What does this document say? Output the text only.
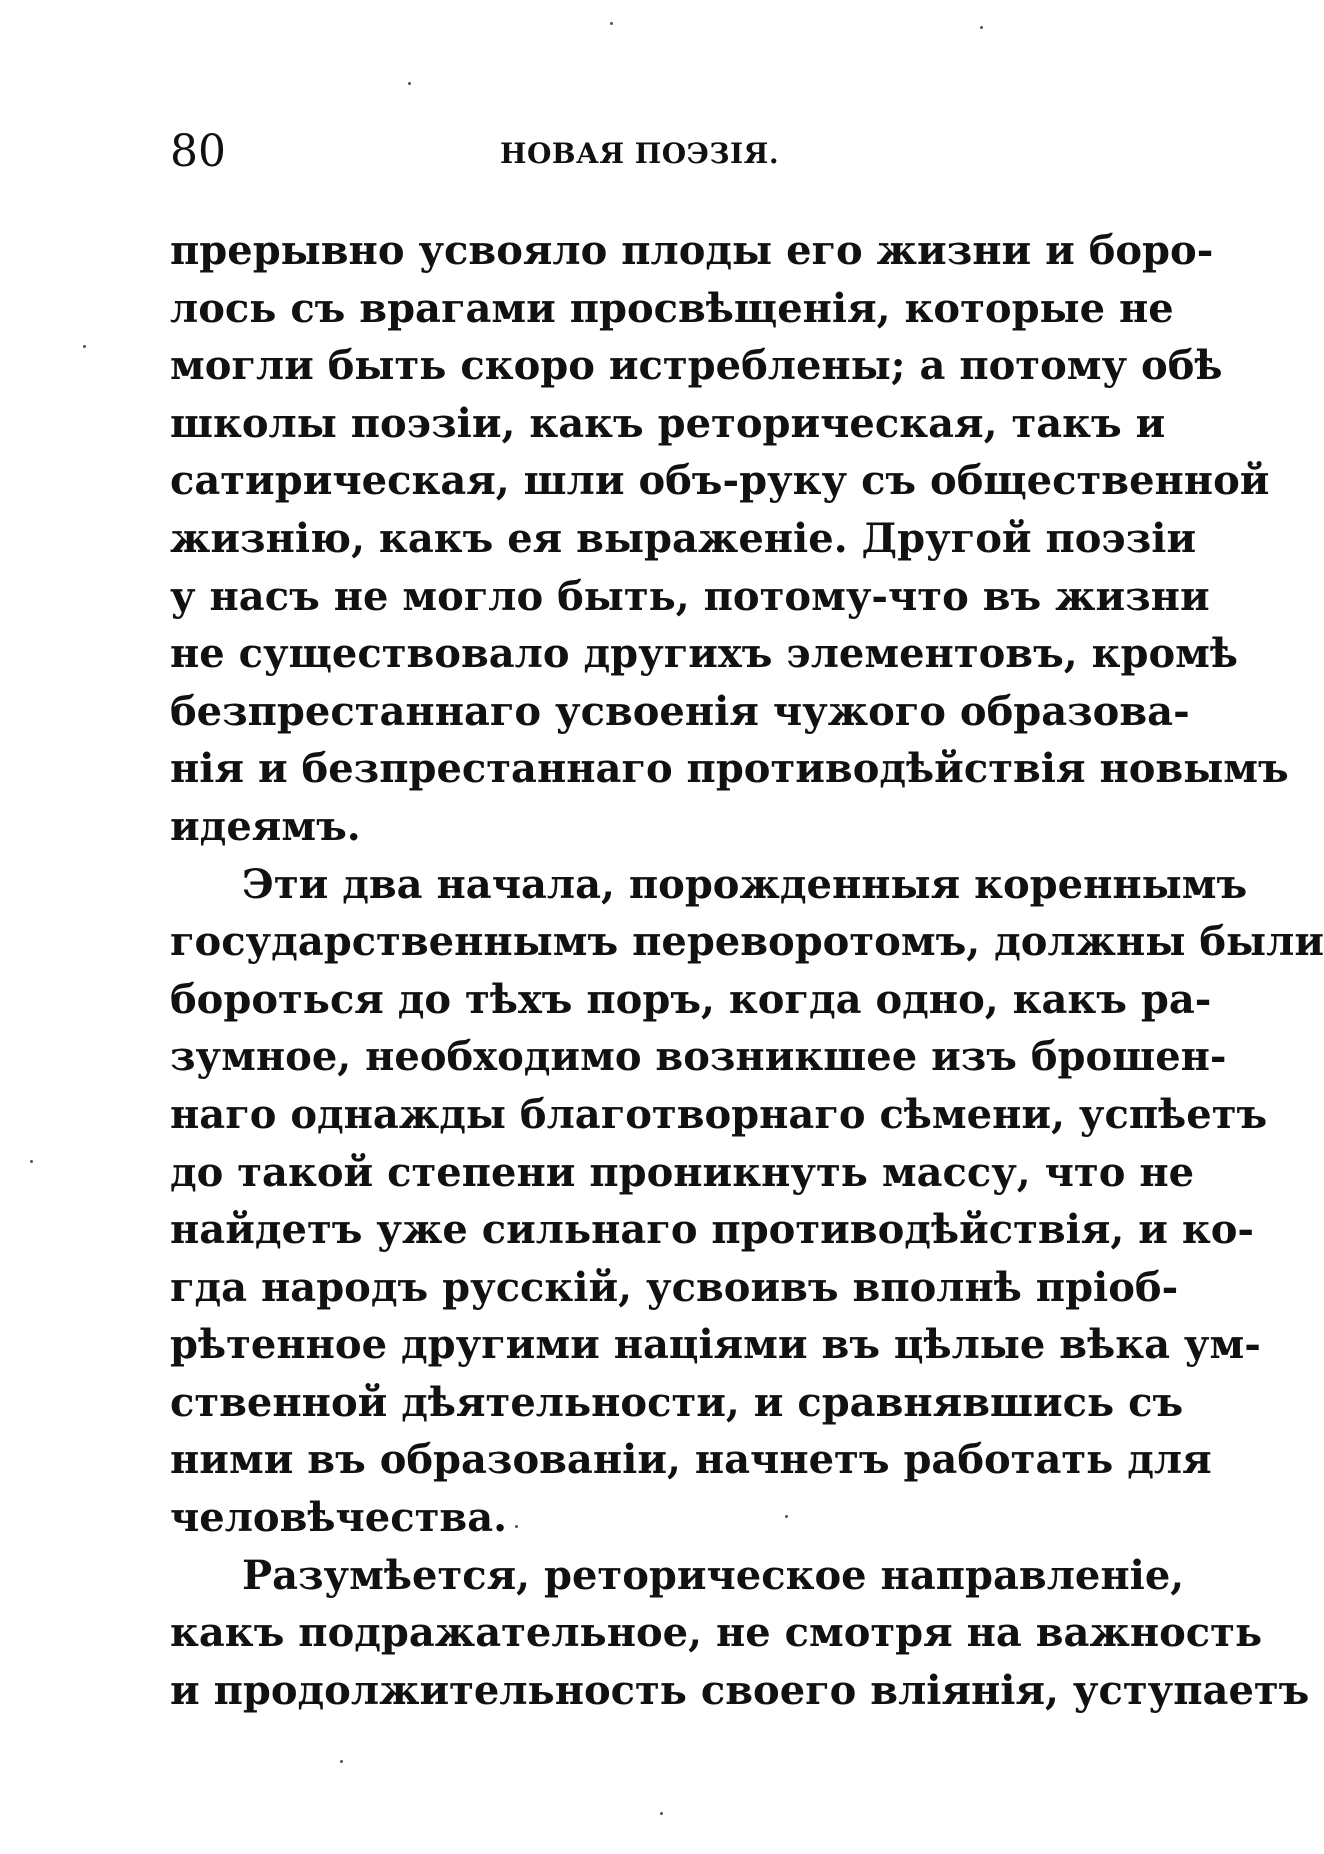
80	НОВАЯ ПОЭЗІЯ.
прерывно усвояло плоды его жизни и боро-
лось съ врагами просвѣщенія, которые не
могли быть скоро истреблены; а потому обѣ
школы поэзіи, какъ реторическая, такъ и
сатирическая, шли объ-руку съ общественной
жизнію, какъ ея выраженіе. Другой поэзіи
у насъ не могло быть, потому-что въ жизни
не существовало другихъ элементовъ, кромѣ
безпрестаннаго усвоенія чужого образова-
нія и безпрестаннаго противодѣйствія новымъ
идеямъ.
Эти два начала, порожденныя кореннымъ
государственнымъ переворотомъ, должны были
бороться до тѣхъ поръ, когда одно, какъ ра-
зумное, необходимо возникшее изъ брошен-
наго однажды благотворнаго сѣмени, успѣетъ
до такой степени проникнуть массу, что не
найдетъ уже сильнаго противодѣйствія, и ко-
гда народъ русскій, усвоивъ вполнѣ пріоб-
рѣтенное другими націями въ цѣлые вѣка ум-
ственной дѣятельности, и сравнявшись съ
ними въ образованіи, начнетъ работать для
человѣчества.
Разумѣется, реторическое направленіе,
какъ подражательное, не смотря на важность
и продолжительность своего вліянія, уступаетъ
